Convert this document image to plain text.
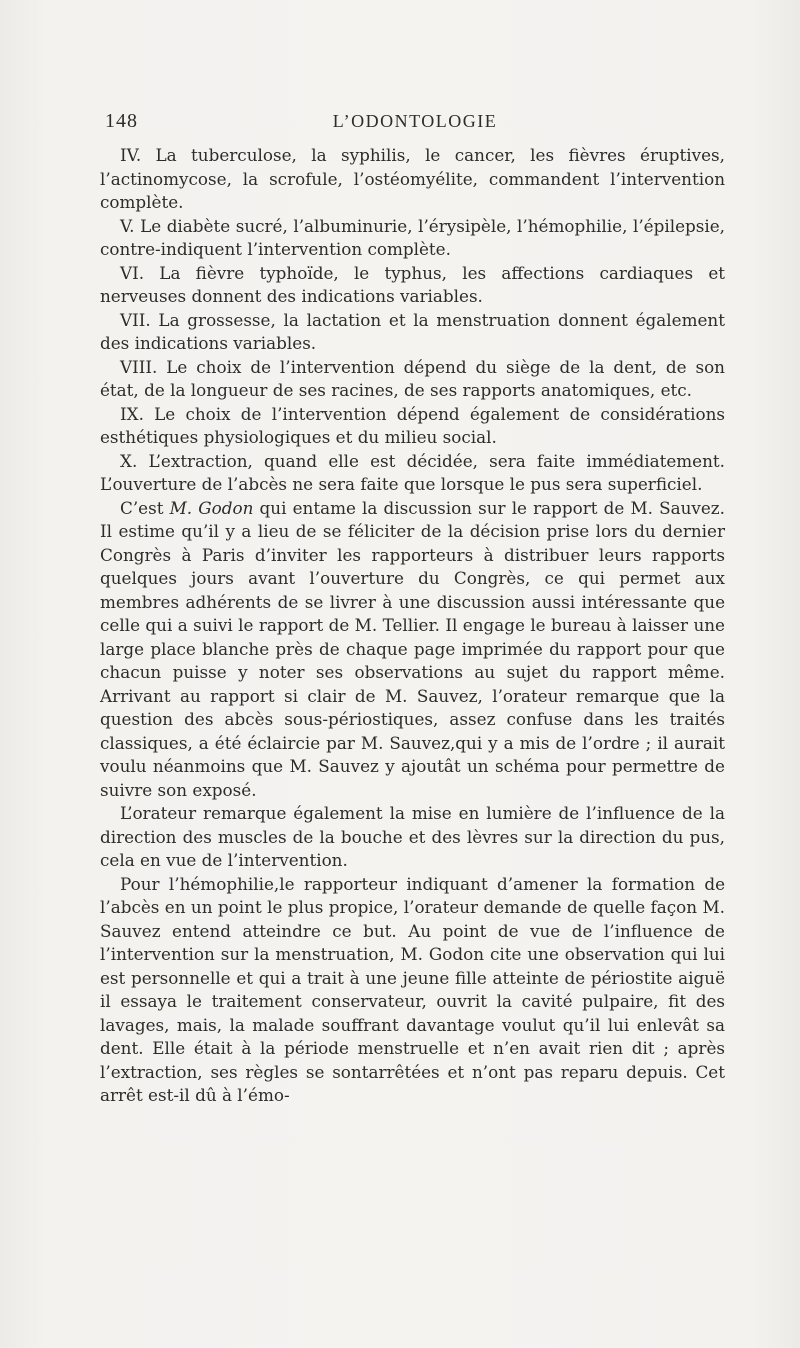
148	L’ODONTOLOGIE

IV. La tuberculose, la syphilis, le cancer, les fièvres éruptives, l’actinomycose, la scrofule, l’ostéomyélite, commandent l’intervention complète.

V. Le diabète sucré, l’albuminurie, l’érysipèle, l’hémophilie, l’épilepsie, contre-indiquent l’intervention complète.

VI. La fièvre typhoïde, le typhus, les affections cardiaques et nerveuses donnent des indications variables.

VII. La grossesse, la lactation et la menstruation donnent également des indications variables.

VIII. Le choix de l’intervention dépend du siège de la dent, de son état, de la longueur de ses racines, de ses rapports anatomiques, etc.

IX. Le choix de l’intervention dépend également de considérations esthétiques physiologiques et du milieu social.

X. L’extraction, quand elle est décidée, sera faite immédiatement. L’ouverture de l’abcès ne sera faite que lorsque le pus sera superficiel.

C’est M. Godon qui entame la discussion sur le rapport de M. Sauvez. Il estime qu’il y a lieu de se féliciter de la décision prise lors du dernier Congrès à Paris d’inviter les rapporteurs à distribuer leurs rapports quelques jours avant l’ouverture du Congrès, ce qui permet aux membres adhérents de se livrer à une discussion aussi intéressante que celle qui a suivi le rapport de M. Tellier. Il engage le bureau à laisser une large place blanche près de chaque page imprimée du rapport pour que chacun puisse y noter ses observations au sujet du rapport même. Arrivant au rapport si clair de M. Sauvez, l’orateur remarque que la question des abcès sous-périostiques, assez confuse dans les traités classiques, a été éclaircie par M. Sauvez,qui y a mis de l’ordre ; il aurait voulu néanmoins que M. Sauvez y ajoutât un schéma pour permettre de suivre son exposé.

L’orateur remarque également la mise en lumière de l’influence de la direction des muscles de la bouche et des lèvres sur la direction du pus, cela en vue de l’intervention.

Pour l’hémophilie,le rapporteur indiquant d’amener la formation de l’abcès en un point le plus propice, l’orateur demande de quelle façon M. Sauvez entend atteindre ce but. Au point de vue de l’influence de l’intervention sur la menstruation, M. Godon cite une observation qui lui est personnelle et qui a trait à une jeune fille atteinte de périostite aiguë il essaya le traitement conservateur, ouvrit la cavité pulpaire, fit des lavages, mais, la malade souffrant davantage voulut qu’il lui enlevât sa dent. Elle était à la période menstruelle et n’en avait rien dit ; après l’extraction, ses règles se sontarrêtées et n’ont pas reparu depuis. Cet arrêt est-il dû à l’émo-
